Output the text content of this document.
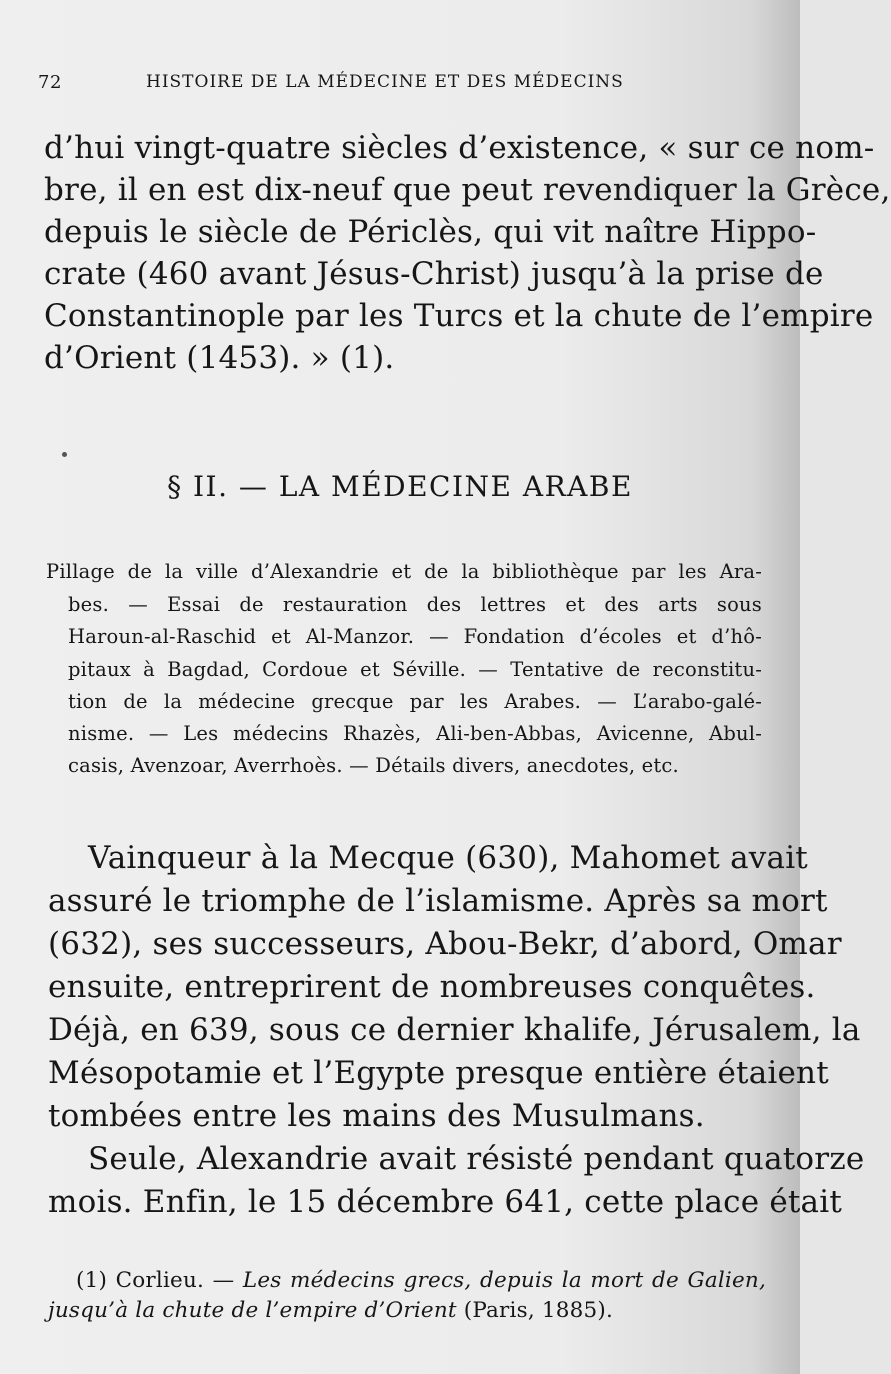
72	HISTOIRE DE LA MÉDECINE ET DES MÉDECINS
d’hui vingt-quatre siècles d’existence, « sur ce nom-
bre, il en est dix-neuf que peut revendiquer la Grèce,
depuis le siècle de Périclès, qui vit naître Hippo-
crate (460 avant Jésus-Christ) jusqu’à la prise de
Constantinople par les Turcs et la chute de l’empire
d’Orient (1453). » (1).
§ II. — LA MÉDECINE ARABE
Pillage de la ville d’Alexandrie et de la bibliothèque par les Ara-
bes. — Essai de restauration des lettres et des arts sous
Haroun-al-Raschid et Al-Manzor. — Fondation d’écoles et d’hô-
pitaux à Bagdad, Cordoue et Séville. — Tentative de reconstitu-
tion de la médecine grecque par les Arabes. — L’arabo-galé-
nisme. — Les médecins Rhazès, Ali-ben-Abbas, Avicenne, Abul-
casis, Avenzoar, Averrhoès. — Détails divers, anecdotes, etc.
Vainqueur à la Mecque (630), Mahomet avait
assuré le triomphe de l’islamisme. Après sa mort
(632), ses successeurs, Abou-Bekr, d’abord, Omar
ensuite, entreprirent de nombreuses conquêtes.
Déjà, en 639, sous ce dernier khalife, Jérusalem, la
Mésopotamie et l’Egypte presque entière étaient
tombées entre les mains des Musulmans.
Seule, Alexandrie avait résisté pendant quatorze
mois. Enfin, le 15 décembre 641, cette place était
(1) Corlieu. — Les médecins grecs, depuis la mort de Galien,
jusqu’à la chute de l’empire d’Orient (Paris, 1885).
